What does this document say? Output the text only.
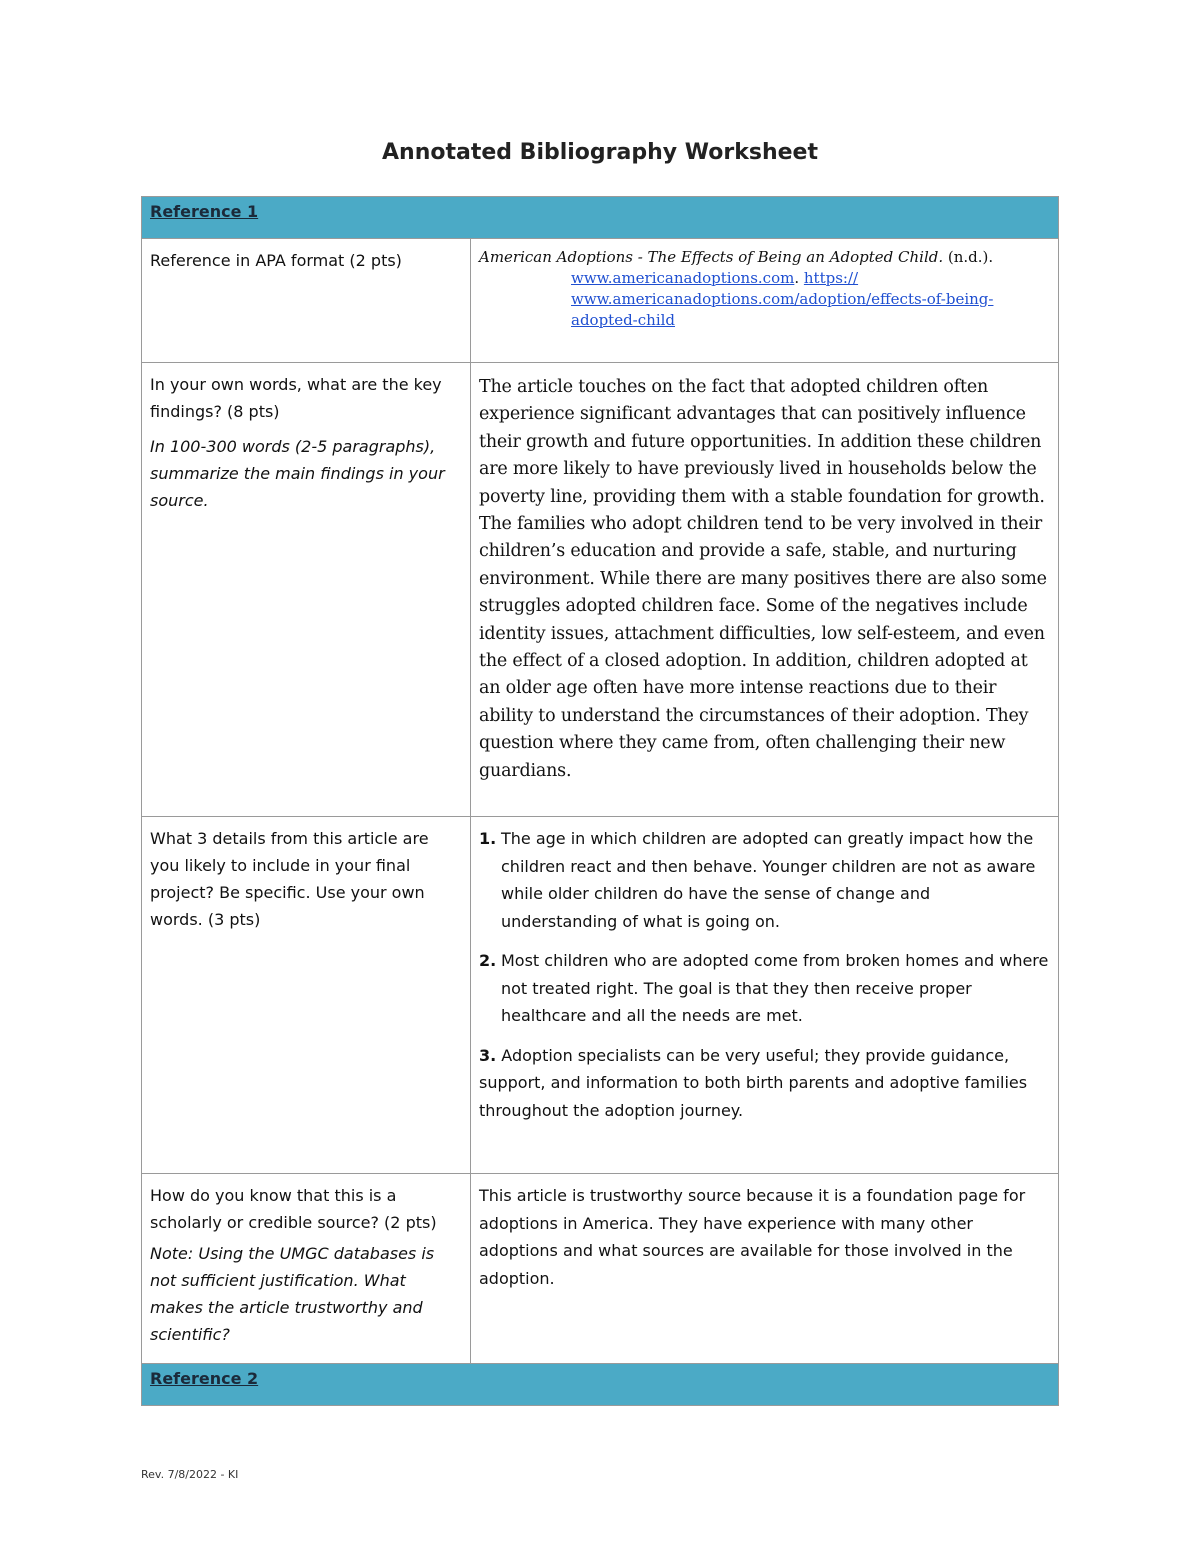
Annotated Bibliography Worksheet
Reference 1	

Reference in APA format (2 pts)	American Adoptions - The Effects of Being an Adopted Child. (n.d.).
www.americanadoptions.com. https://
www.americanadoptions.com/adoption/effects-of-being-
adopted-child

In your own words, what are the key findings? (8 pts)

In 100-300 words (2-5 paragraphs), summarize the main findings in your source.	The article touches on the fact that adopted children often experience significant advantages that can positively influence their growth and future opportunities. In addition these children are more likely to have previously lived in households below the poverty line, providing them with a stable foundation for growth. The families who adopt children tend to be very involved in their children’s education and provide a safe, stable, and nurturing environment. While there are many positives there are also some struggles adopted children face. Some of the negatives include identity issues, attachment difficulties, low self-esteem, and even the effect of a closed adoption. In addition, children adopted at an older age often have more intense reactions due to their ability to understand the circumstances of their adoption. They question where they came from, often challenging their new guardians.

What 3 details from this article are you likely to include in your final project? Be specific. Use your own words. (3 pts)	1. The age in which children are adopted can greatly impact how the children react and then behave. Younger children are not as aware while older children do have the sense of change and understanding of what is going on.
2. Most children who are adopted come from broken homes and where not treated right. The goal is that they then receive proper healthcare and all the needs are met.
3. Adoption specialists can be very useful; they provide guidance, support, and information to both birth parents and adoptive families throughout the adoption journey.

How do you know that this is a scholarly or credible source? (2 pts)

Note: Using the UMGC databases is not sufficient justification. What makes the article trustworthy and scientific?	This article is trustworthy source because it is a foundation page for adoptions in America. They have experience with many other adoptions and what sources are available for those involved in the adoption.

Reference 2	
Rev. 7/8/2022 - KI
